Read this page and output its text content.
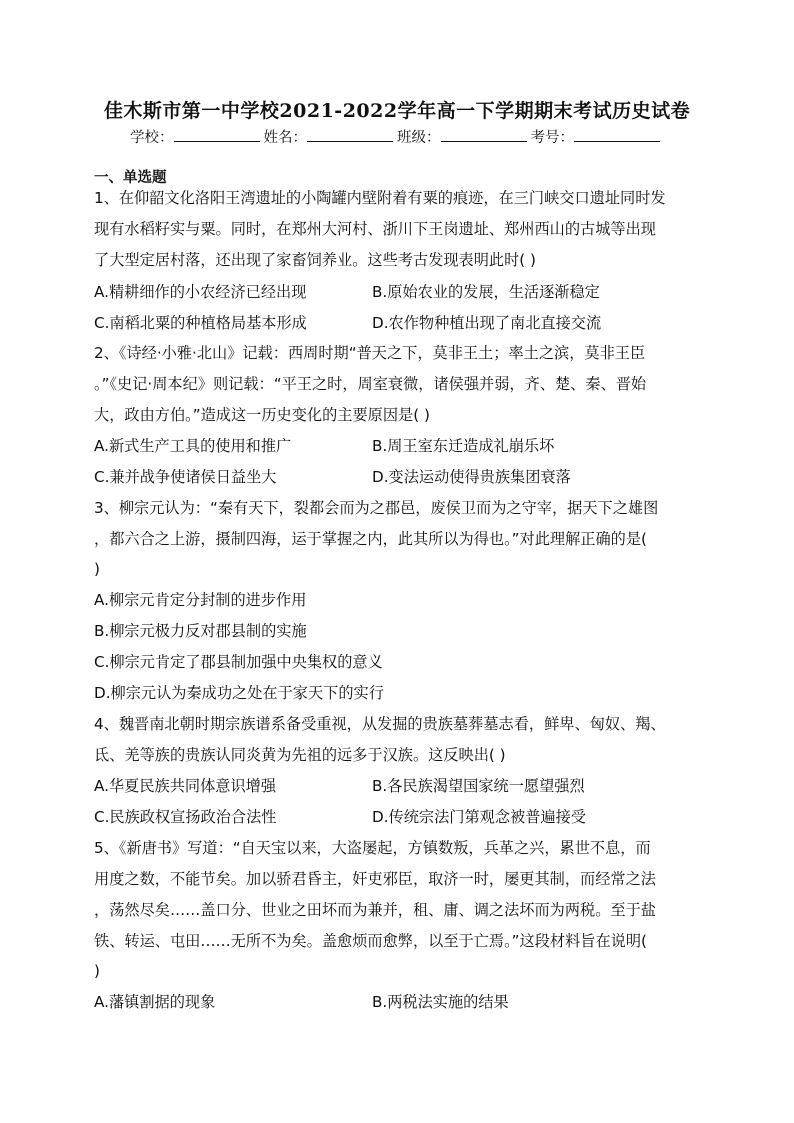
佳木斯市第一中学校2021-2022学年高一下学期期末考试历史试卷
学校：	姓名：	班级：	考号：
一、单选题
1、在仰韶文化洛阳王湾遗址的小陶罐内壁附着有粟的痕迹，在三门峡交口遗址同时发
现有水稻籽实与粟。同时，在郑州大河村、浙川下王岗遗址、郑州西山的古城等出现
了大型定居村落，还出现了家畜饲养业。这些考古发现表明此时( )
A.精耕细作的小农经济已经出现	B.原始农业的发展，生活逐渐稳定
C.南稻北粟的种植格局基本形成	D.农作物种植出现了南北直接交流
2、《诗经·小雅·北山》记载：西周时期“普天之下，莫非王土；率土之滨，莫非王臣
。”《史记·周本纪》则记载：“平王之时，周室衰微，诸侯强并弱，齐、楚、秦、晋始
大，政由方伯。”造成这一历史变化的主要原因是( )
A.新式生产工具的使用和推广	B.周王室东迁造成礼崩乐坏
C.兼并战争使诸侯日益坐大	D.变法运动使得贵族集团衰落
3、柳宗元认为：“秦有天下，裂都会而为之郡邑，废侯卫而为之守宰，据天下之雄图
，都六合之上游，摄制四海，运于掌握之内，此其所以为得也。”对此理解正确的是(
)
A.柳宗元肯定分封制的进步作用
B.柳宗元极力反对郡县制的实施
C.柳宗元肯定了郡县制加强中央集权的意义
D.柳宗元认为秦成功之处在于家天下的实行
4、魏晋南北朝时期宗族谱系备受重视，从发掘的贵族墓葬墓志看，鲜卑、匈奴、羯、
氐、羌等族的贵族认同炎黄为先祖的远多于汉族。这反映出( )
A.华夏民族共同体意识增强	B.各民族渴望国家统一愿望强烈
C.民族政权宣扬政治合法性	D.传统宗法门第观念被普遍接受
5、《新唐书》写道：“自天宝以来，大盗屡起，方镇数叛，兵革之兴，累世不息，而
用度之数，不能节矣。加以骄君昏主，奸吏邪臣，取济一时，屡更其制，而经常之法
，荡然尽矣……盖口分、世业之田坏而为兼并，租、庸、调之法坏而为两税。至于盐
铁、转运、屯田……无所不为矣。盖愈烦而愈弊，以至于亡焉。”这段材料旨在说明(
)
A.藩镇割据的现象	B.两税法实施的结果
